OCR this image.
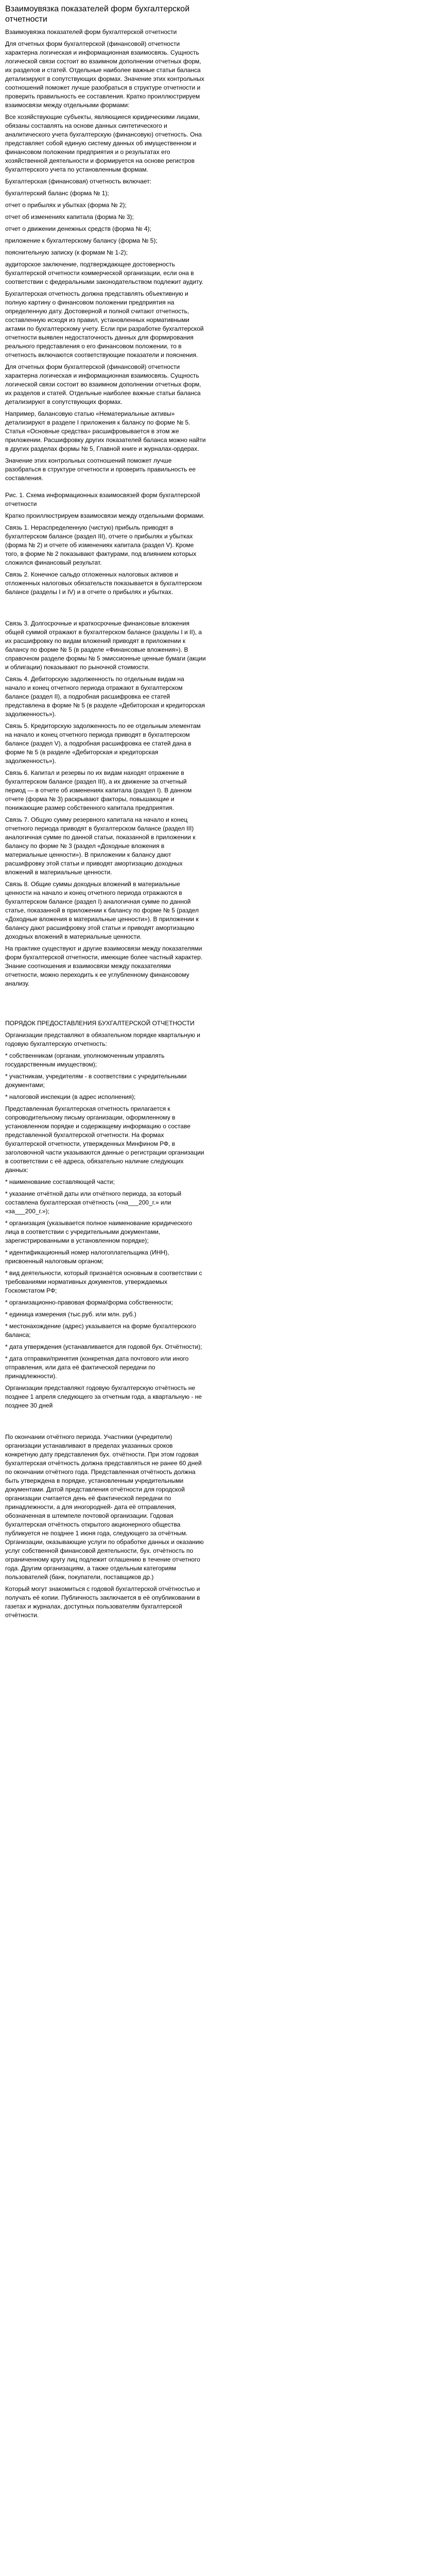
Взаимоувязка показателей форм бухгалтерской отчетности

Взаимоувязка показателей форм бухгалтерской отчетности

Для отчетных форм бухгалтерской (финансовой) отчетности характерна логическая и информационная взаимосвязь. Сущность логической связи состоит во взаимном дополнении отчетных форм, их разделов и статей. Отдельные наиболее важные статьи баланса детализируют в сопутствующих формах. Значение этих контрольных соотношений поможет лучше разобраться в структуре отчетности и проверить правильность ее составления. Кратко проиллюстрируем взаимосвязи между отдельными формами:

Все хозяйствующие субъекты, являющиеся юридическими лицами, обязаны составлять на основе данных синтетического и аналитического учета бухгалтерскую (финансовую) отчетность. Она представляет собой единую систему данных об имущественном и финансовом положении предприятия и о результатах его хозяйственной деятельности и формируется на основе регистров бухгалтерского учета по установленным формам.

Бухгалтерская (финансовая) отчетность включает:

бухгалтерский баланс (форма № 1);

отчет о прибылях и убытках (форма № 2);

отчет об изменениях капитала (форма № 3);

отчет о движении денежных средств (форма № 4);

приложение к бухгалтерскому балансу (форма № 5);

пояснительную записку (к формам № 1-2);

аудиторское заключение, подтверждающее достоверность бухгалтерской отчетности коммерческой организации, если она в соответствии с федеральными законодательством подлежит аудиту.

Бухгалтерская отчетность должна представлять объективную и полную картину о финансовом положении предприятия на определенную дату. Достоверной и полной считают отчетность, составленную исходя из правил, установленных нормативными актами по бухгалтерскому учету. Если при разработке бухгалтерской отчетности выявлен недостаточность данных для формирования реального представления о его финансовом положении, то в отчетность включаются соответствующие показатели и пояснения.

Для отчетных форм бухгалтерской (финансовой) отчетности характерна логическая и информационная взаимосвязь. Сущность логической связи состоит во взаимном дополнении отчетных форм, их разделов и статей. Отдельные наиболее важные статьи баланса детализируют в сопутствующих формах.

Например, балансовую статью «Нематериальные активы» детализируют в разделе I приложения к балансу по форме № 5. Статья «Основные средства» расшифровывается в этом же приложении. Расшифровку других показателей баланса можно найти в других разделах формы № 5, Главной книге и журналах-ордерах.

Значение этих контрольных соотношений поможет лучше разобраться в структуре отчетности и проверить правильность ее составления.

Рис. 1. Схема информационных взаимосвязей форм бухгалтерской отчетности

Кратко проиллюстрируем взаимосвязи между отдельными формами.

Связь 1. Нераспределенную (чистую) прибыль приводят в бухгалтерском балансе (раздел III), отчете о прибылях и убытках (форма № 2) и отчете об изменениях капитала (раздел V). Кроме того, в форме № 2 показывают фактурами, под влиянием которых сложился финансовый результат.

Связь 2. Конечное сальдо отложенных налоговых активов и отложенных налоговых обязательств показывается в бухгалтерском балансе (разделы I и IV) и в отчете о прибылях и убытках.

Связь 3. Долгосрочные и краткосрочные финансовые вложения общей суммой отражают в бухгалтерском балансе (разделы I и II), а их расшифровку по видам вложений приводят в приложении к балансу по форме № 5 (в разделе «Финансовые вложения»). В справочном разделе формы № 5 эмиссионные ценные бумаги (акции и облигации) показывают по рыночной стоимости.

Связь 4. Дебиторскую задолженность по отдельным видам на начало и конец отчетного периода отражают в бухгалтерском балансе (раздел II), а подробная расшифровка ее статей представлена в форме № 5 (в разделе «Дебиторская и кредиторская задолженность»).

Связь 5. Кредиторскую задолженность по ее отдельным элементам на начало и конец отчетного периода приводят в бухгалтерском балансе (раздел V), а подробная расшифровка ее статей дана в форме № 5 (в разделе «Дебиторская и кредиторская задолженность»).

Связь 6. Капитал и резервы по их видам находят отражение в бухгалтерском балансе (раздел III), а их движение за отчетный период — в отчете об изменениях капитала (раздел I). В данном отчете (форма № 3) раскрывают факторы, повышающие и понижающие размер собственного капитала предприятия.

Связь 7. Общую сумму резервного капитала на начало и конец отчетного периода приводят в бухгалтерском балансе (раздел III) аналогичная сумме по данной статьи, показанной в приложении к балансу по форме № 3 (раздел «Доходные вложения в материальные ценности»). В приложении к балансу дают расшифровку этой статьи и приводят амортизацию доходных вложений в материальные ценности.

Связь 8. Общие суммы доходных вложений в материальные ценности на начало и конец отчетного периода отражаются в бухгалтерском балансе (раздел I) аналогичная сумме по данной статье, показанной в приложении к балансу по форме № 5 (раздел «Доходные вложения в материальные ценности»). В приложении к балансу дают расшифровку этой статьи и приводят амортизацию доходных вложений в материальные ценности.

На практике существуют и другие взаимосвязи между показателями форм бухгалтерской отчетности, имеющие более частный характер. Знание соотношения и взаимосвязи между показателями отчетности, можно переходить к ее углубленному финансовому анализу.

ПОРЯДОК ПРЕДОСТАВЛЕНИЯ БУХГАЛТЕРСКОЙ ОТЧЕТНОСТИ

Организации представляют в обязательном порядке квартальную и годовую бухгалтерскую отчетность:

* собственникам (органам, уполномоченным управлять государственным имуществом);

* участникам, учредителям - в соответствии с учредительными документами;

* налоговой инспекции (в адрес исполнения);

Представленная бухгалтерская отчетность прилагается к сопроводительному письму организации, оформленному в установленном порядке и содержащему информацию о составе представленной бухгалтерской отчетности. На формах бухгалтерской отчетности, утвержденных Минфином РФ, в заголовочной части указываются данные о регистрации организации в соответствии с её адреса, обязательно наличие следующих данных:

* наименование составляющей части;

* указание отчётной даты или отчётного периода, за который составлена бухгалтерская отчётность («на___200_г.» или «за___200_г.»);

* организация (указывается полное наименование юридического лица в соответствии с учредительными документами, зарегистрированными в установленном порядке);

* идентификационный номер налогоплательщика (ИНН), присвоенный налоговым органом;

* вид деятельности, который признаётся основным в соответствии с требованиями нормативных документов, утверждаемых Госкомстатом РФ;

* организационно-правовая форма/форма собственности;

* единица измерения (тыс.руб. или млн. руб.)

* местонахождение (адрес) указывается на форме бухгалтерского баланса;

* дата утверждения (устанавливается для годовой бух. Отчётности);

* дата отправки/принятия (конкретная дата почтового или иного отправления, или дата её фактической передачи по принадлежности).

Организации представляют годовую бухгалтерскую отчётность не позднее 1 апреля следующего за отчетным года, а квартальную - не позднее 30 дней

По окончании отчётного периода. Участники (учредители) организации устанавливают в пределах указанных сроков конкретную дату представления бух. отчётности. При этом годовая бухгалтерская отчётность должна представляться не ранее 60 дней по окончании отчётного года. Представленная отчётность должна быть утверждена в порядке, установленным учредительными документами. Датой представления отчётности для городской организации считается день её фактической передачи по принадлежности, а для иногородней- дата её отправления, обозначенная в штемпеле почтовой организации. Годовая бухгалтерская отчётность открытого акционерного общества публикуется не позднее 1 июня года, следующего за отчётным. Организации, оказывающие услуги по обработке данных и оказанию услуг собственной финансовой деятельности, бух. отчётность по ограниченному кругу лиц подлежит оглашению в течение отчетного года. Другим организациям, а также отдельным категориям пользователей (банк, покупатели, поставщиков др.)

Который могут знакомиться с годовой бухгалтерской отчётностью и получать её копии. Публичность заключается в её опубликовании в газетах и журналах, доступных пользователям бухгалтерской отчётности.
